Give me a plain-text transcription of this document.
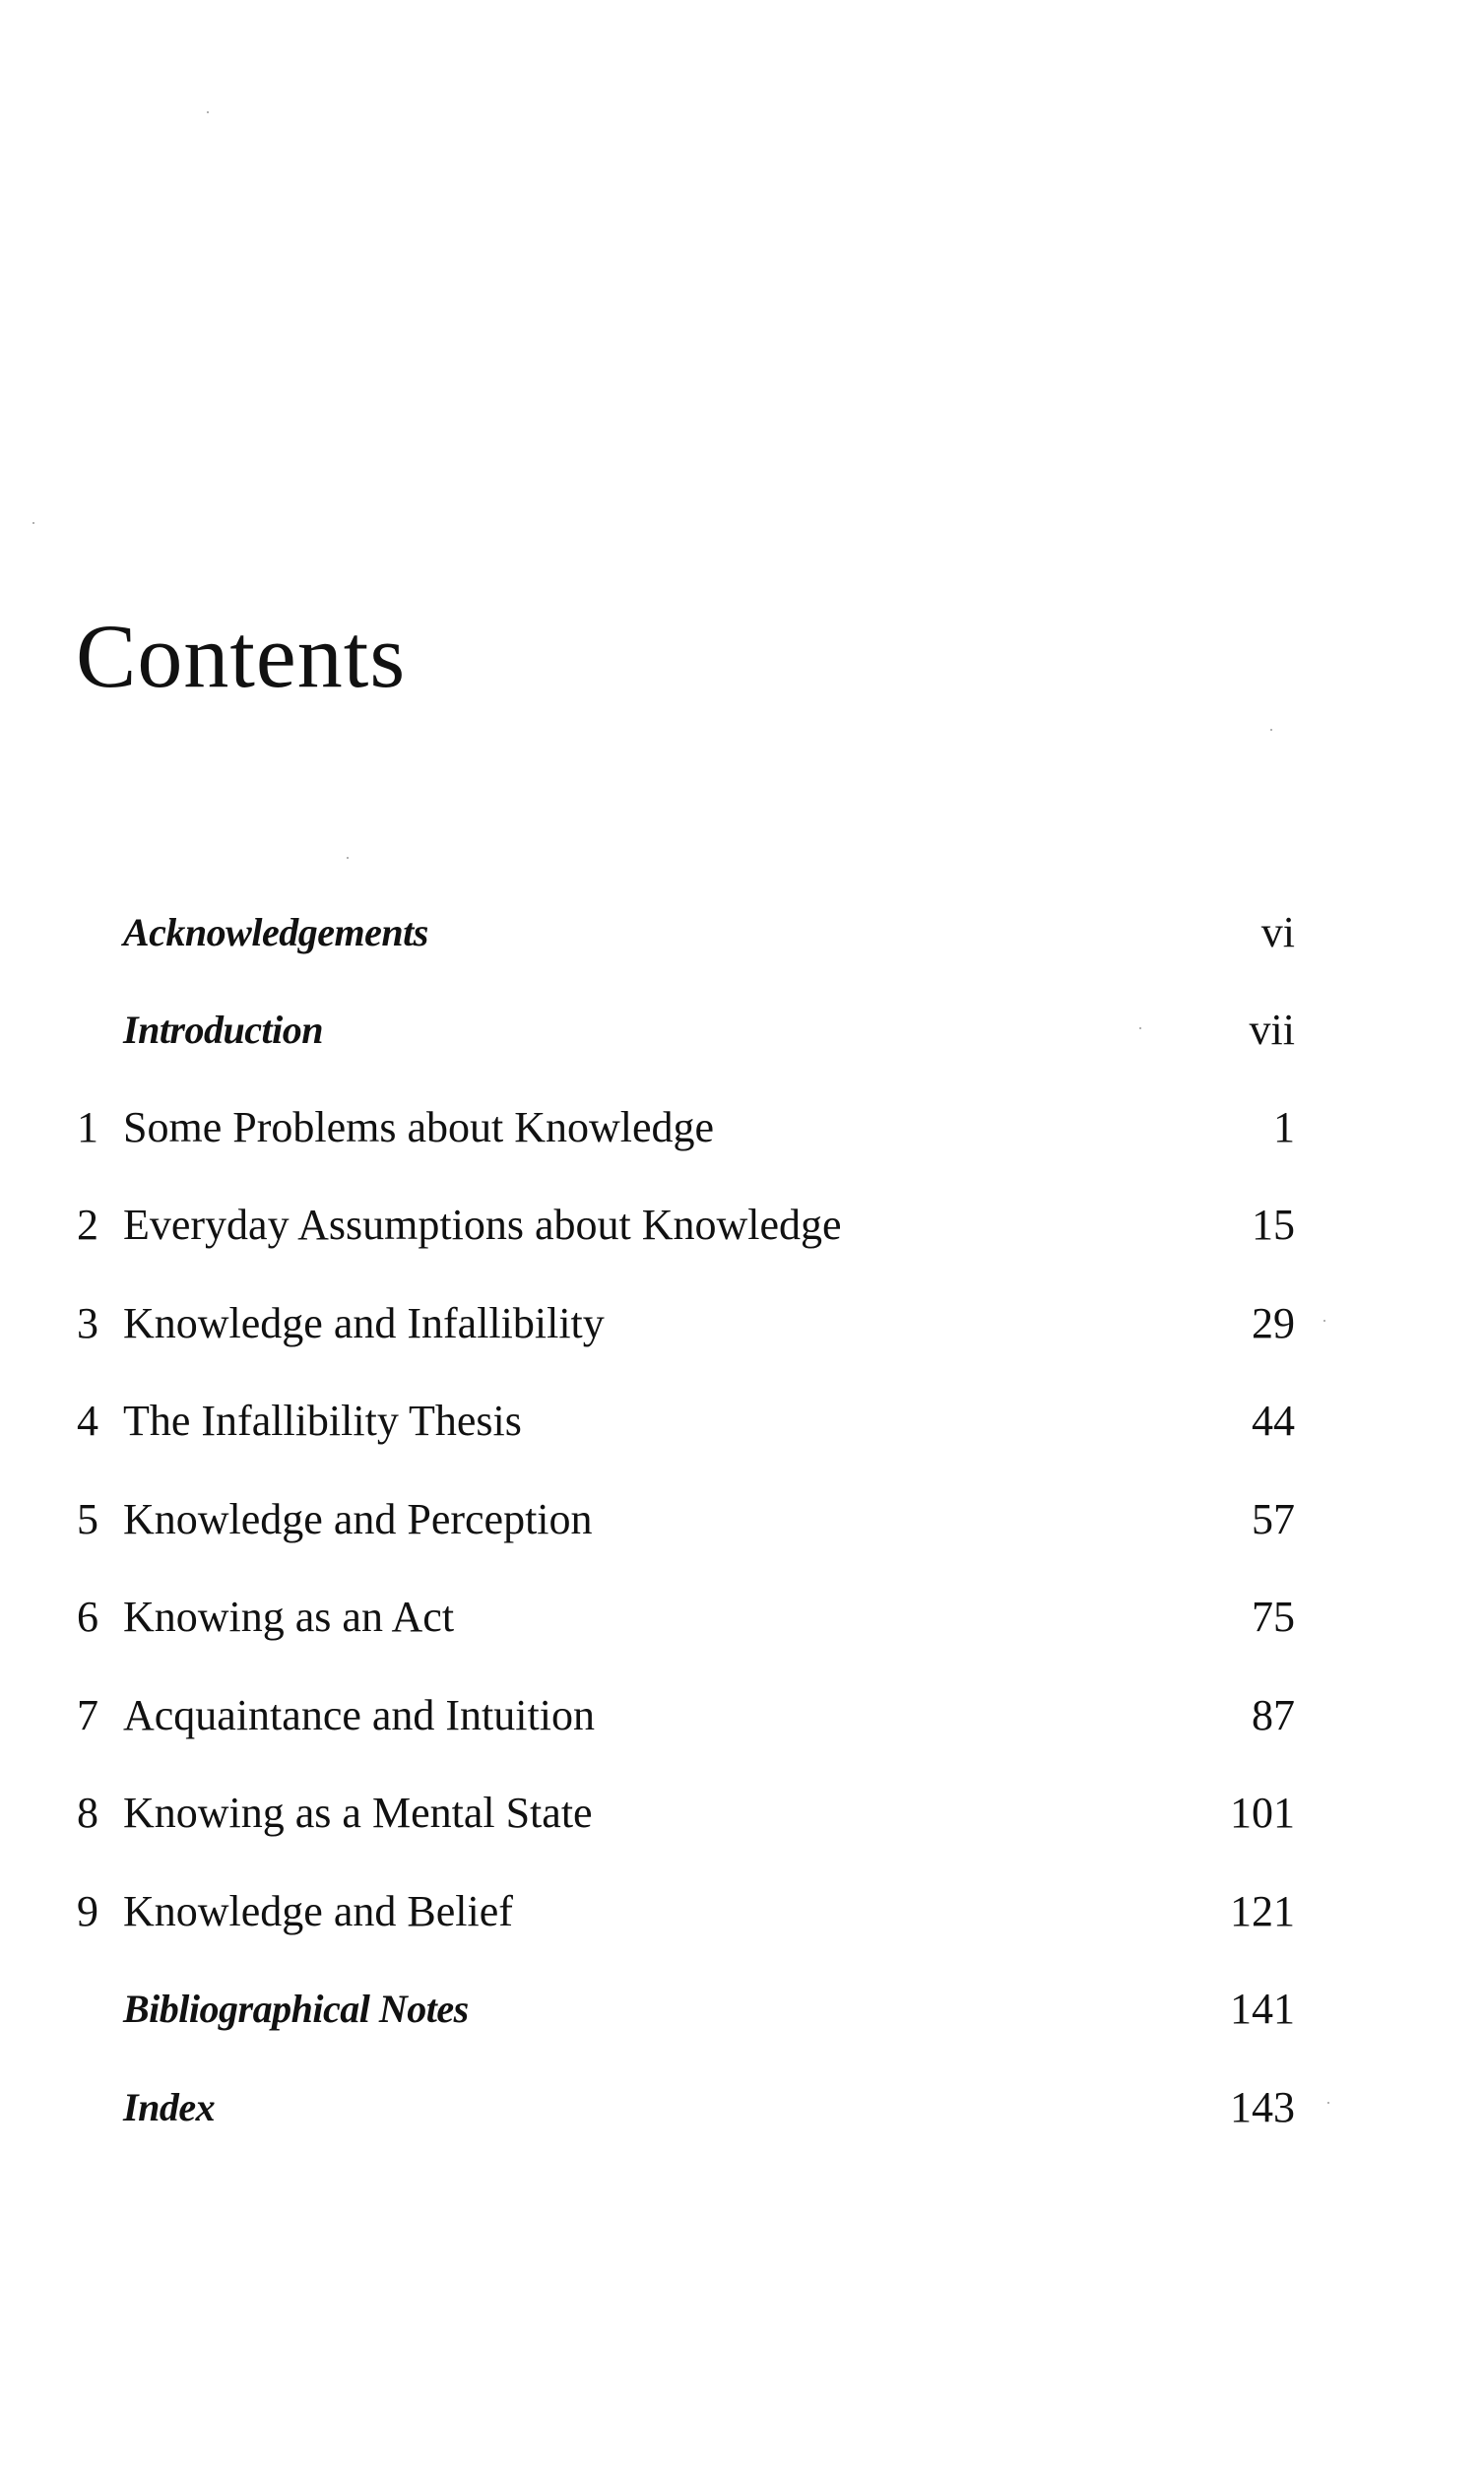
Contents
Acknowledgements	vi
Introduction	vii
1 Some Problems about Knowledge	1
2 Everyday Assumptions about Knowledge	15
3 Knowledge and Infallibility	29
4 The Infallibility Thesis	44
5 Knowledge and Perception	57
6 Knowing as an Act	75
7 Acquaintance and Intuition	87
8 Knowing as a Mental State	101
9 Knowledge and Belief	121
Bibliographical Notes	141
Index	143
